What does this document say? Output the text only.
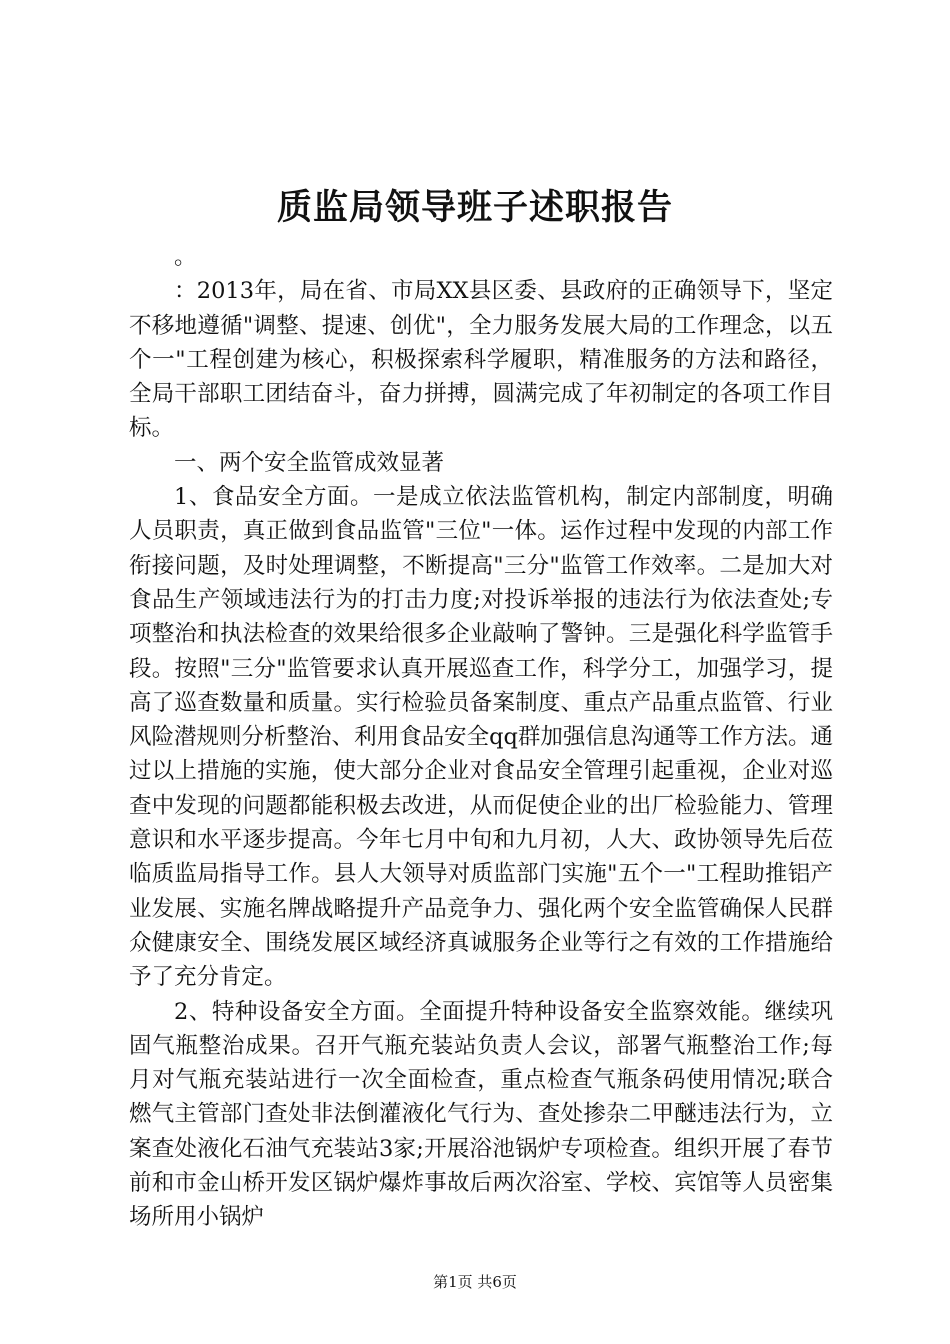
质监局领导班子述职报告

。

：2013年，局在省、市局XX县区委、县政府的正确领导下，坚定不移地遵循"调整、提速、创优"，全力服务发展大局的工作理念，以五个一"工程创建为核心，积极探索科学履职，精准服务的方法和路径，全局干部职工团结奋斗，奋力拼搏，圆满完成了年初制定的各项工作目标。

一、两个安全监管成效显著

1、食品安全方面。一是成立依法监管机构，制定内部制度，明确人员职责，真正做到食品监管"三位"一体。运作过程中发现的内部工作衔接问题，及时处理调整，不断提高"三分"监管工作效率。二是加大对食品生产领域违法行为的打击力度;对投诉举报的违法行为依法查处;专项整治和执法检查的效果给很多企业敲响了警钟。三是强化科学监管手段。按照"三分"监管要求认真开展巡查工作，科学分工，加强学习，提高了巡查数量和质量。实行检验员备案制度、重点产品重点监管、行业风险潜规则分析整治、利用食品安全qq群加强信息沟通等工作方法。通过以上措施的实施，使大部分企业对食品安全管理引起重视，企业对巡查中发现的问题都能积极去改进，从而促使企业的出厂检验能力、管理意识和水平逐步提高。今年七月中旬和九月初，人大、政协领导先后莅临质监局指导工作。县人大领导对质监部门实施"五个一"工程助推铝产业发展、实施名牌战略提升产品竞争力、强化两个安全监管确保人民群众健康安全、围绕发展区域经济真诚服务企业等行之有效的工作措施给予了充分肯定。

2、特种设备安全方面。全面提升特种设备安全监察效能。继续巩固气瓶整治成果。召开气瓶充装站负责人会议，部署气瓶整治工作;每月对气瓶充装站进行一次全面检查，重点检查气瓶条码使用情况;联合燃气主管部门查处非法倒灌液化气行为、查处掺杂二甲醚违法行为，立案查处液化石油气充装站3家;开展浴池锅炉专项检查。组织开展了春节前和市金山桥开发区锅炉爆炸事故后两次浴室、学校、宾馆等人员密集场所用小锅炉

第1页 共6页
